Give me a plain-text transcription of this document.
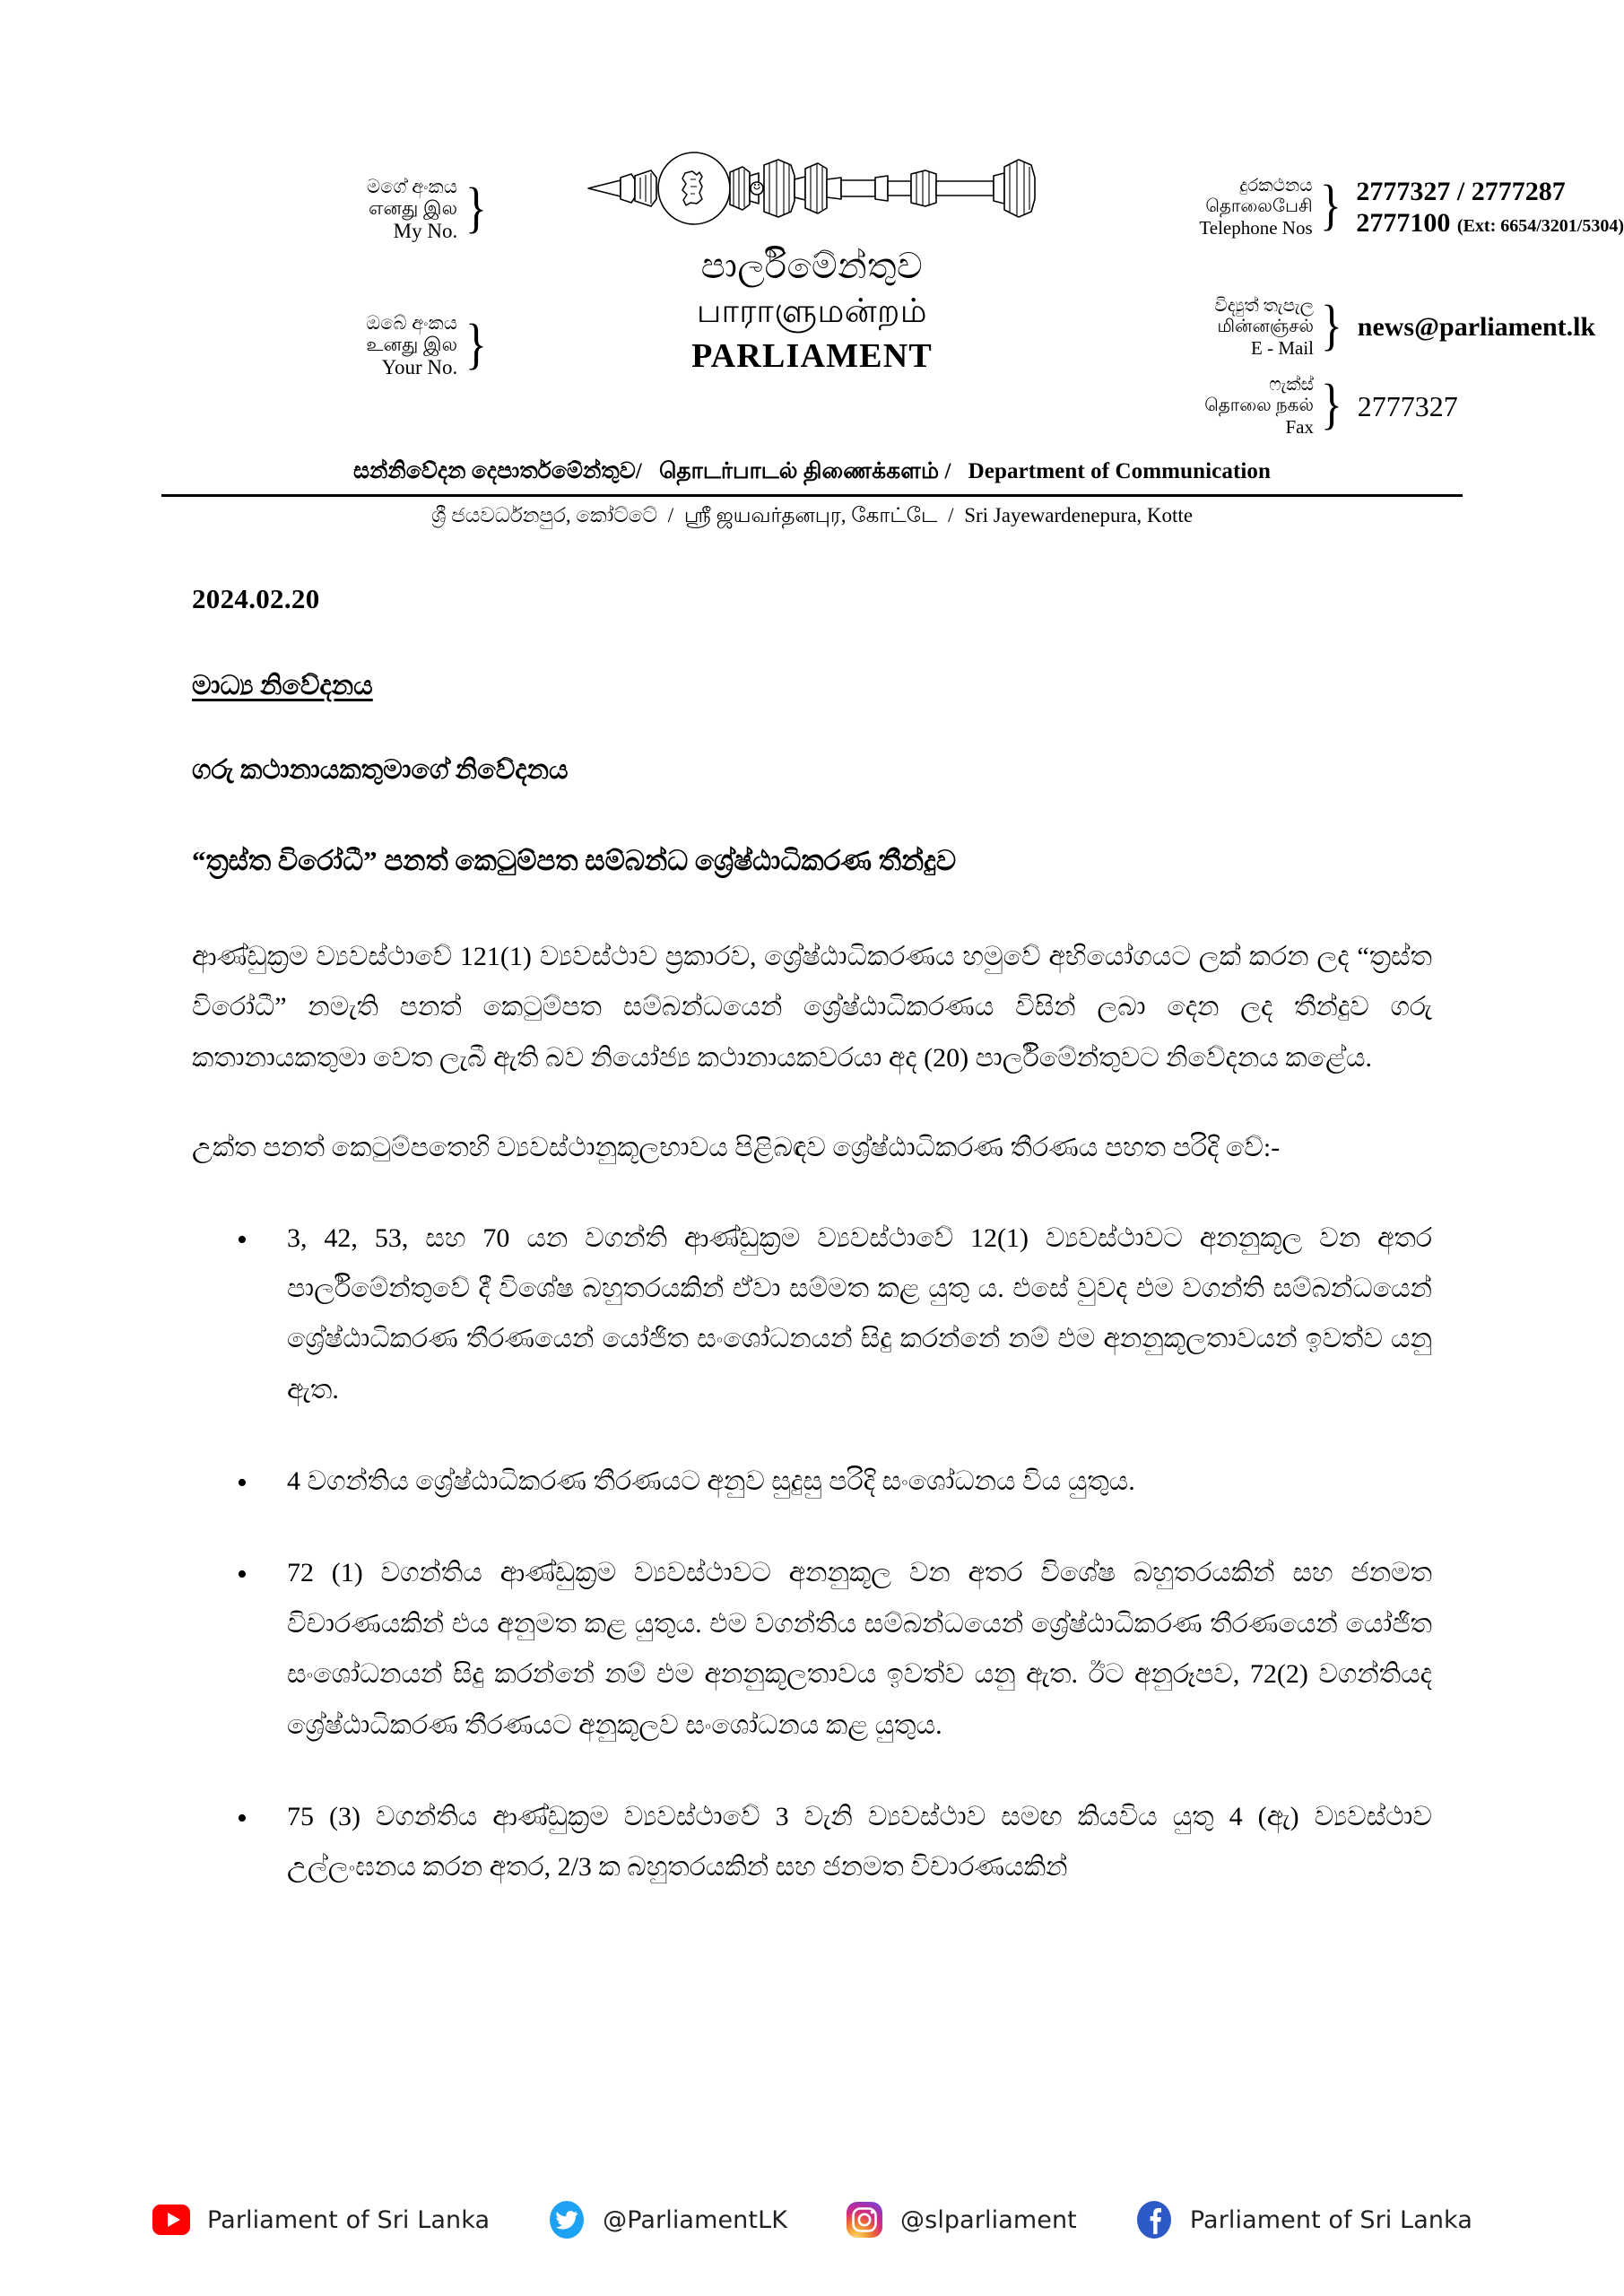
මගේ අංකය
எனது இல
My No. }
ඔබේ අංකය
உனது இல
Your No. }
පාර්ලිමේන්තුව
பாராளுமன்றம்
PARLIAMENT
දුරකථනය
தொலைபேசி
Telephone Nos } 2777327 / 2777287
2777100 (Ext: 6654/3201/5304)
විද්‍යුත් තැපැල
மின்னஞ்சல்
E - Mail } news@parliament.lk
ෆැක්ස්
தொலை நகல்
Fax } 2777327
සන්නිවේදන දෙපාර්තමේන්තුව/ தொடர்பாடல் திணைக்களம் / Department of Communication
ශ්‍රී ජයවර්ධනපුර, කෝට්ටේ / ஸ்ரீ ஜயவர்தனபுர, கோட்டே / Sri Jayewardenepura, Kotte
2024.02.20
මාධ්‍ය නිවේදනය
ගරු කථානායකතුමාගේ නිවේදනය
“ත්‍රස්ත විරෝධී” පනත් කෙටුම්පත සම්බන්ධ ශ්‍රේෂ්ඨාධිකරණ තීන්දුව

ආණ්ඩුක්‍රම ව්‍යවස්ථාවේ 121(1) ව්‍යවස්ථාව ප්‍රකාරව, ශ්‍රේෂ්ඨාධිකරණය හමුවේ අභියෝගයට ලක් කරන ලද “ත්‍රස්ත විරෝධී” නමැති පනත් කෙටුම්පත සම්බන්ධයෙන් ශ්‍රේෂ්ඨාධිකරණය විසින් ලබා දෙන ලද තීන්දුව ගරු කතානායකතුමා වෙත ලැබී ඇති බව නියෝජ්‍ය කථානායකවරයා අද (20) පාර්ලිමේන්තුවට නිවේදනය කළේය.

උක්ත පනත් කෙටුම්පතෙහි ව්‍යවස්ථානුකූලභාවය පිළිබඳව ශ්‍රේෂ්ඨාධිකරණ තීරණය පහත පරිදි වේ:-

• 3, 42, 53, සහ 70 යන වගන්ති ආණ්ඩුක්‍රම ව්‍යවස්ථාවේ 12(1) ව්‍යවස්ථාවට අනනුකූල වන අතර පාර්ලිමේන්තුවේ දී විශේෂ බහුතරයකින් ඒවා සම්මත කළ යුතු ය. එසේ වුවද එම වගන්ති සම්බන්ධයෙන් ශ්‍රේෂ්ඨාධිකරණ තීරණයෙන් යෝජිත සංශෝධනයන් සිදු කරන්නේ නම් එම අනනුකූලතාවයන් ඉවත්ව යනු ඇත.
• 4 වගන්තිය ශ්‍රේෂ්ඨාධිකරණ තීරණයට අනුව සුදුසු පරිදි සංශෝධනය විය යුතුය.
• 72 (1) වගන්තිය ආණ්ඩුක්‍රම ව්‍යවස්ථාවට අනනුකූල වන අතර විශේෂ බහුතරයකින් සහ ජනමත විචාරණයකින් එය අනුමත කළ යුතුය. එම වගන්තිය සම්බන්ධයෙන් ශ්‍රේෂ්ඨාධිකරණ තීරණයෙන් යෝජිත සංශෝධනයන් සිදු කරන්නේ නම් එම අනනුකූලතාවය ඉවත්ව යනු ඇත. ඊට අනුරූපව, 72(2) වගන්තියද ශ්‍රේෂ්ඨාධිකරණ තීරණයට අනුකූලව සංශෝධනය කළ යුතුය.
• 75 (3) වගන්තිය ආණ්ඩුක්‍රම ව්‍යවස්ථාවේ 3 වැනි ව්‍යවස්ථාව සමඟ කියවිය යුතු 4 (ඇ) ව්‍යවස්ථාව උල්ලංඝනය කරන අතර, 2/3 ක බහුතරයකින් සහ ජනමත විචාරණයකින්
Parliament of Sri Lanka	@ParliamentLK	@slparliament	Parliament of Sri Lanka
